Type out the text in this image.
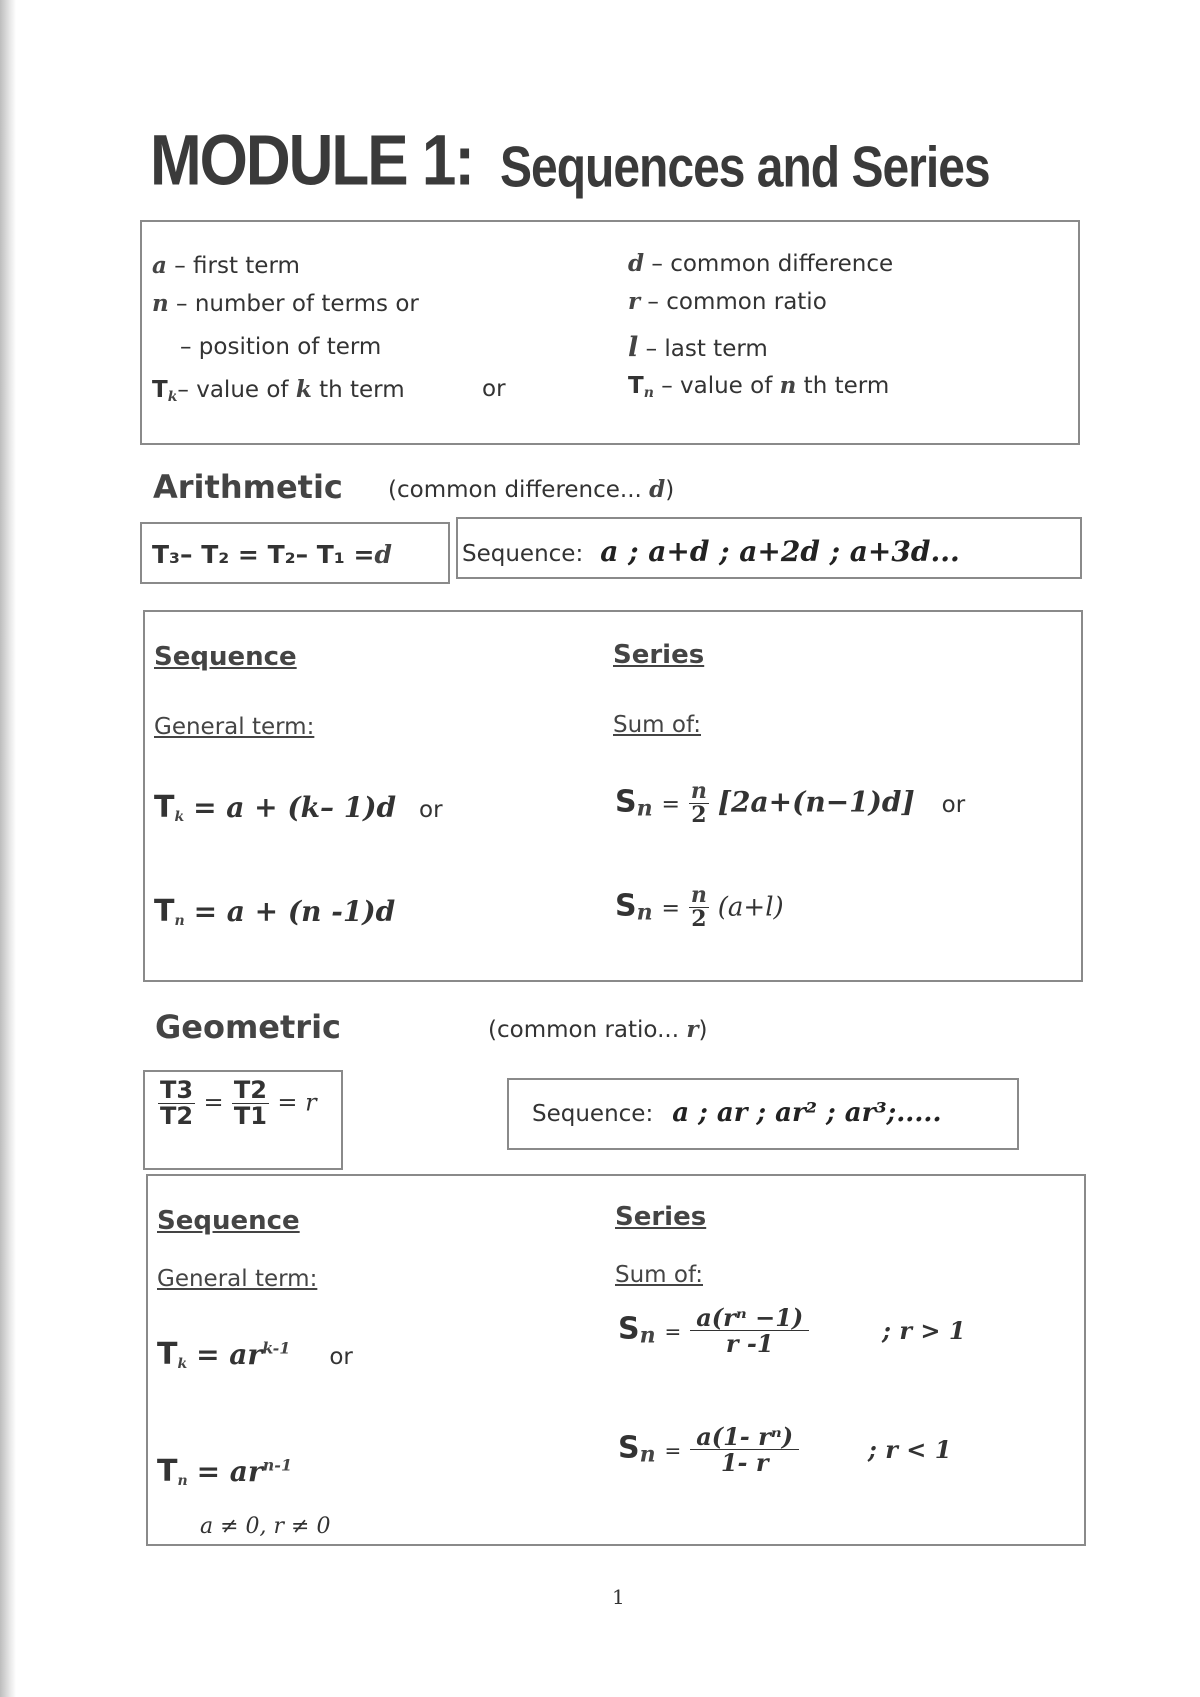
MODULE 1: Sequences and Series
a – first term
n – number of terms or
– position of term
$T_k-$ value of k th term	or
d – common difference
r – common ratio
l – last term
$T_n$ – value of n th term
Arithmetic (common difference... d)
T₃– T₂ = T₂– T₁ =d	Sequence: a ; a+d ; a+2d ; a+3d...
Sequence	Series
General term:	Sum of:
$T_k = a + (k-$ 1)d or
$T_n = a + (n$ -1)d
$Sn = \frac{n}{2} [2a+(n-1)d]$ or
$Sn = \frac{n}{2} (a+l)$
Geometric	(common ratio... r)
$\frac{T3}{T2} = \frac{T2}{T1} = r$	Sequence: a ; ar ; ar² ; ar³;.....
Sequence	Series
General term:	Sum of:
$T_k = ar^{k-1}$ or
$T_n = ar^{n-1}$
a ≠ 0, r ≠ 0
$Sn = \frac{\text{a(rⁿ −1)}}{r -1}$	; r > 1
$Sn = \frac{\text{a(1- rⁿ)}}{1- r}$	; r < 1
1
